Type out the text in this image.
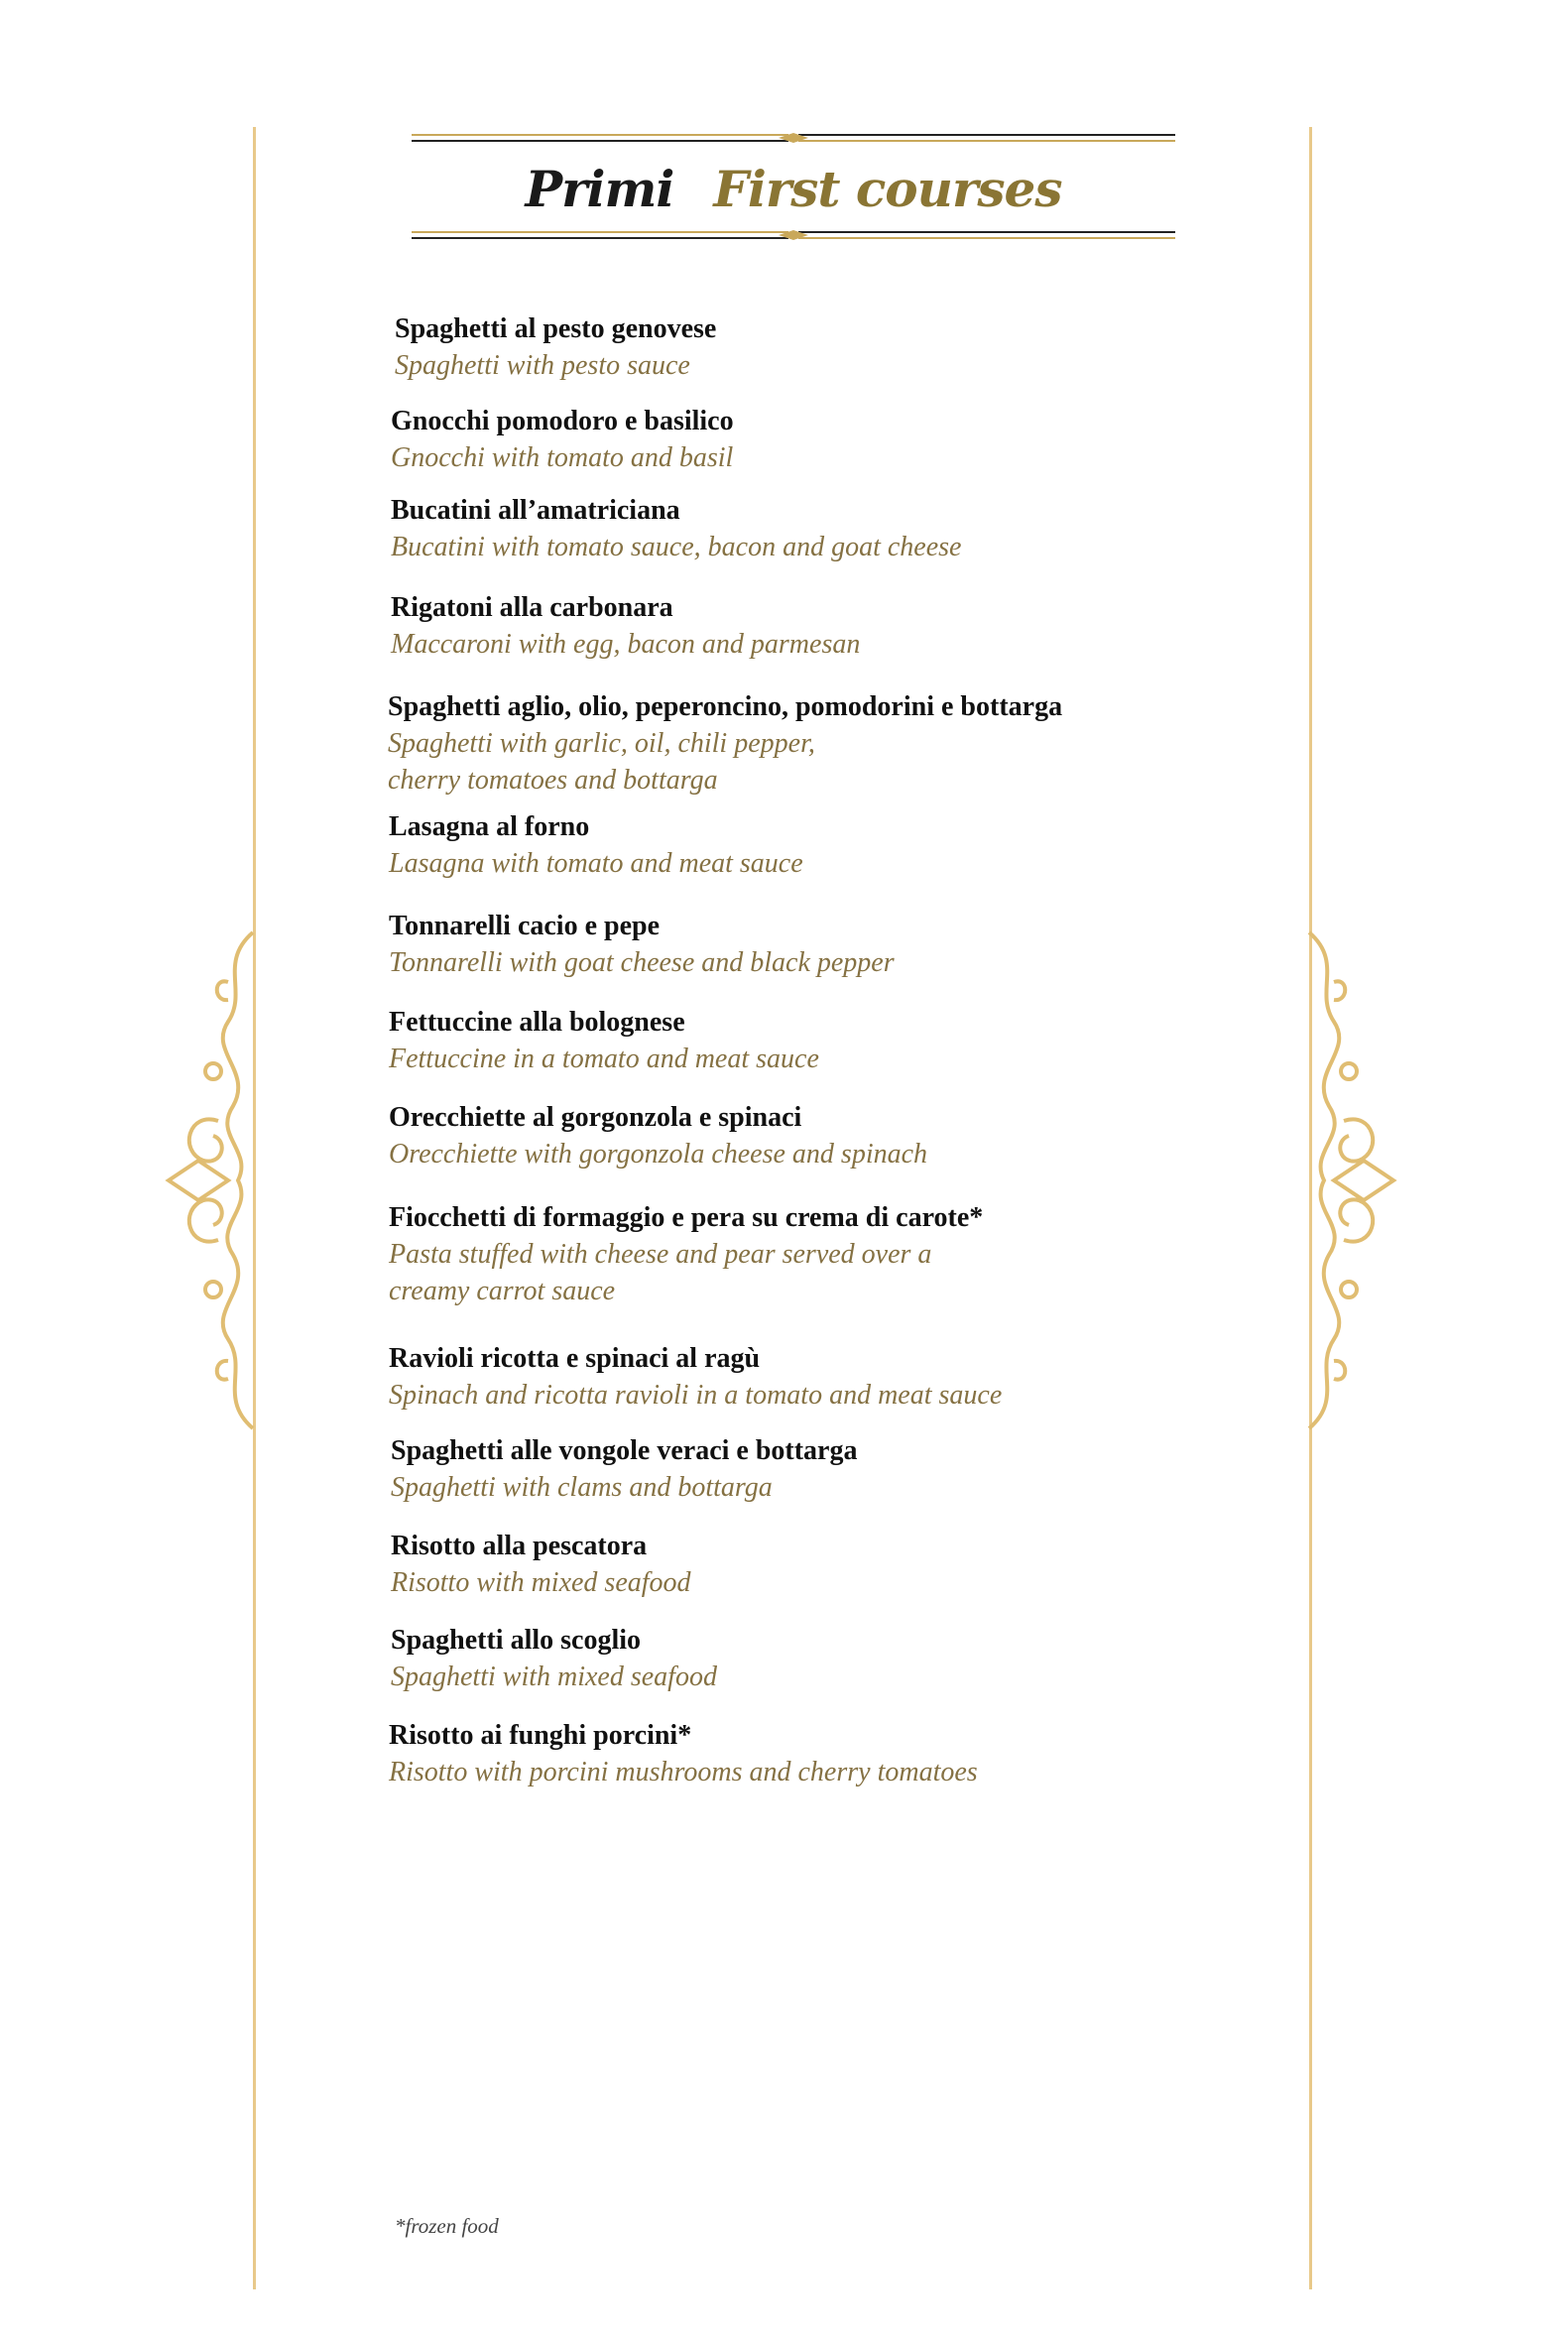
Primi First courses
Spaghetti al pesto genovese
Spaghetti with pesto sauce
Gnocchi pomodoro e basilico
Gnocchi with tomato and basil
Bucatini all’amatriciana
Bucatini with tomato sauce, bacon and goat cheese
Rigatoni alla carbonara
Maccaroni with egg, bacon and parmesan
Spaghetti aglio, olio, peperoncino, pomodorini e bottarga
Spaghetti with garlic, oil, chili pepper,
cherry tomatoes and bottarga
Lasagna al forno
Lasagna with tomato and meat sauce
Tonnarelli cacio e pepe
Tonnarelli with goat cheese and black pepper
Fettuccine alla bolognese
Fettuccine in a tomato and meat sauce
Orecchiette al gorgonzola e spinaci
Orecchiette with gorgonzola cheese and spinach
Fiocchetti di formaggio e pera su crema di carote*
Pasta stuffed with cheese and pear served over a
creamy carrot sauce
Ravioli ricotta e spinaci al ragù
Spinach and ricotta ravioli in a tomato and meat sauce
Spaghetti alle vongole veraci e bottarga
Spaghetti with clams and bottarga
Risotto alla pescatora
Risotto with mixed seafood
Spaghetti allo scoglio
Spaghetti with mixed seafood
Risotto ai funghi porcini*
Risotto with porcini mushrooms and cherry tomatoes
*frozen food
